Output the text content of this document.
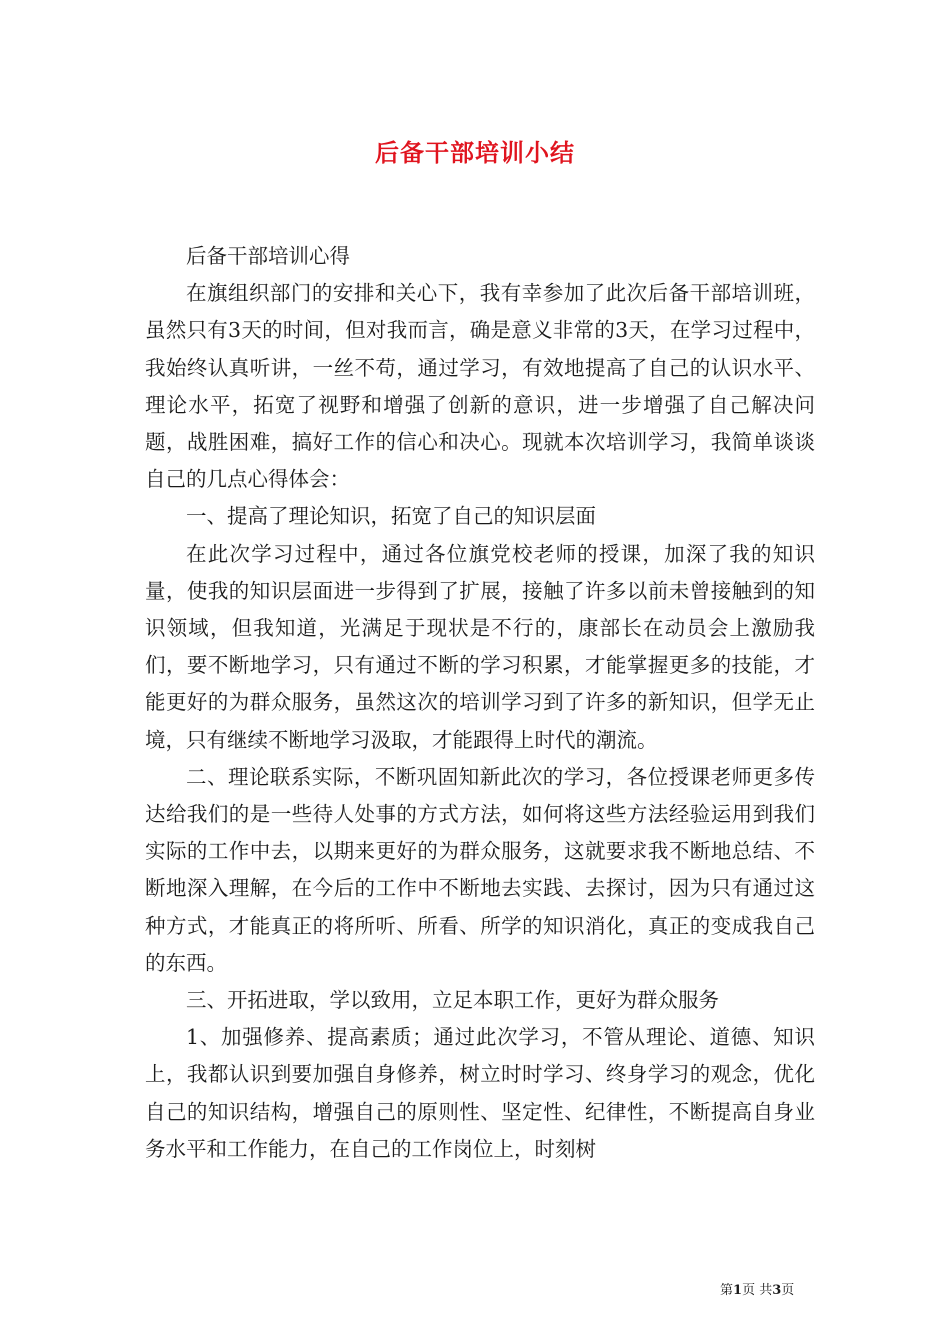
后备干部培训小结

后备干部培训心得

在旗组织部门的安排和关心下，我有幸参加了此次后备干部培训班，虽然只有3天的时间，但对我而言，确是意义非常的3天，在学习过程中，我始终认真听讲，一丝不苟，通过学习，有效地提高了自己的认识水平、理论水平，拓宽了视野和增强了创新的意识，进一步增强了自己解决问题，战胜困难，搞好工作的信心和决心。现就本次培训学习，我简单谈谈自己的几点心得体会：

一、提高了理论知识，拓宽了自己的知识层面

在此次学习过程中，通过各位旗党校老师的授课，加深了我的知识量，使我的知识层面进一步得到了扩展，接触了许多以前未曾接触到的知识领域，但我知道，光满足于现状是不行的，康部长在动员会上激励我们，要不断地学习，只有通过不断的学习积累，才能掌握更多的技能，才能更好的为群众服务，虽然这次的培训学习到了许多的新知识，但学无止境，只有继续不断地学习汲取，才能跟得上时代的潮流。

二、理论联系实际，不断巩固知新此次的学习，各位授课老师更多传达给我们的是一些待人处事的方式方法，如何将这些方法经验运用到我们实际的工作中去，以期来更好的为群众服务，这就要求我不断地总结、不断地深入理解，在今后的工作中不断地去实践、去探讨，因为只有通过这种方式，才能真正的将所听、所看、所学的知识消化，真正的变成我自己的东西。

三、开拓进取，学以致用，立足本职工作，更好为群众服务

1、加强修养、提高素质；通过此次学习，不管从理论、道德、知识上，我都认识到要加强自身修养，树立时时学习、终身学习的观念，优化自己的知识结构，增强自己的原则性、坚定性、纪律性，不断提高自身业务水平和工作能力，在自己的工作岗位上，时刻树

第1页 共3页
